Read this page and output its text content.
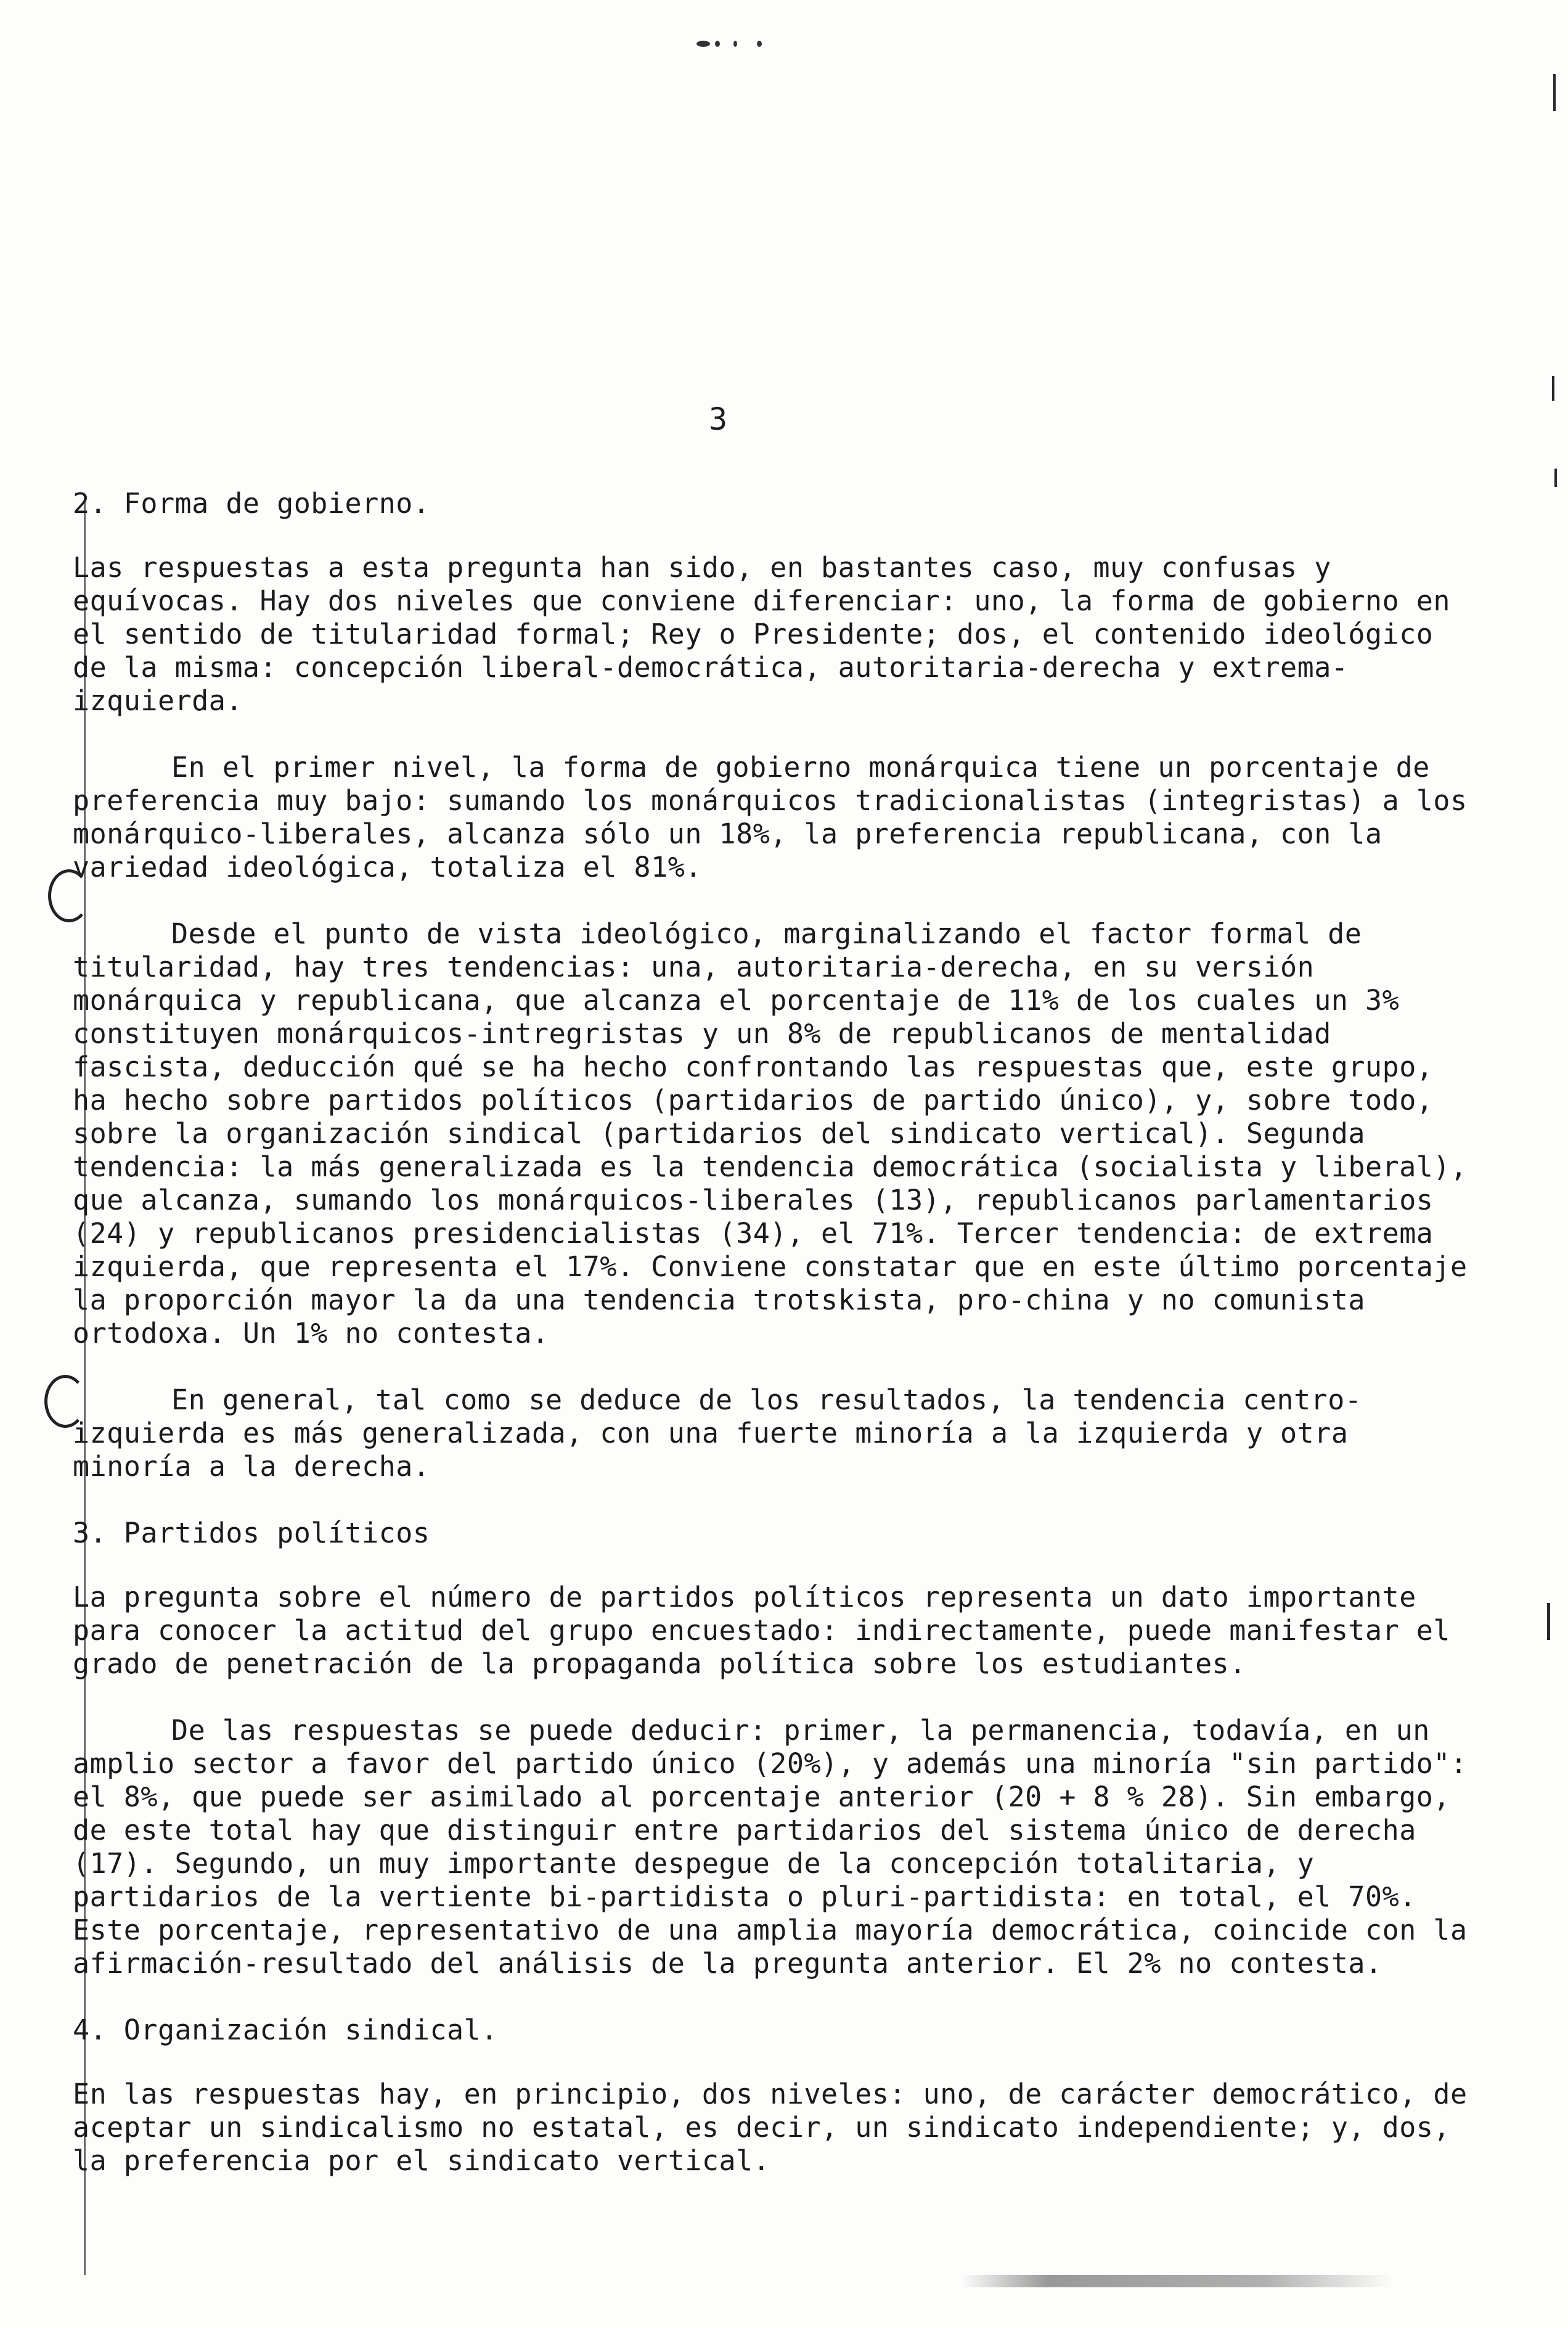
3
2. Forma de gobierno.
Las respuestas a esta pregunta han sido, en bastantes caso, muy confusas y equívocas. Hay dos niveles que conviene diferenciar: uno, la forma de gobierno en el sentido de titularidad formal; Rey o Presidente; dos, el contenido ideológico de la misma: concepción liberal-democrática, autoritaria-derecha y extrema-izquierda.
En el primer nivel, la forma de gobierno monárquica tiene un porcentaje de preferencia muy bajo: sumando los monárquicos tradicionalistas (integristas) a los monárquico-liberales, alcanza sólo un 18%, la preferencia republicana, con la variedad ideológica, totaliza el 81%.
Desde el punto de vista ideológico, marginalizando el factor formal de titularidad, hay tres tendencias: una, autoritaria-derecha, en su versión monárquica y republicana, que alcanza el porcentaje de 11% de los cuales un 3% constituyen monárquicos-intregristas y un 8% de republicanos de mentalidad fascista, deducción qué se ha hecho confrontando las respuestas que, este grupo, ha hecho sobre partidos políticos (partidarios de partido único), y, sobre todo, sobre la organización sindical (partidarios del sindicato vertical). Segunda tendencia: la más generalizada es la tendencia democrática (socialista y liberal), que alcanza, sumando los monárquicos-liberales (13), republicanos parlamentarios (24) y republicanos presidencialistas (34), el 71%. Tercer tendencia: de extrema izquierda, que representa el 17%. Conviene constatar que en este último porcentaje la proporción mayor la da una tendencia trotskista, pro-china y no comunista ortodoxa. Un 1% no contesta.
En general, tal como se deduce de los resultados, la tendencia centro-izquierda es más generalizada, con una fuerte minoría a la izquierda y otra minoría a la derecha.
3. Partidos políticos
La pregunta sobre el número de partidos políticos representa un dato importante para conocer la actitud del grupo encuestado: indirectamente, puede manifestar el grado de penetración de la propaganda política sobre los estudiantes.
De las respuestas se puede deducir: primer, la permanencia, todavía, en un amplio sector a favor del partido único (20%), y además una minoría "sin partido": el 8%, que puede ser asimilado al porcentaje anterior (20 + 8 % 28). Sin embargo, de este total hay que distinguir entre partidarios del sistema único de derecha (17). Segundo, un muy importante despegue de la concepción totalitaria, y partidarios de la vertiente bi-partidista o pluri-partidista: en total, el 70%. Este porcentaje, representativo de una amplia mayoría democrática, coincide con la afirmación-resultado del análisis de la pregunta anterior. El 2% no contesta.
4. Organización sindical.
En las respuestas hay, en principio, dos niveles: uno, de carácter democrático, de aceptar un sindicalismo no estatal, es decir, un sindicato independiente; y, dos, la preferencia por el sindicato vertical.
